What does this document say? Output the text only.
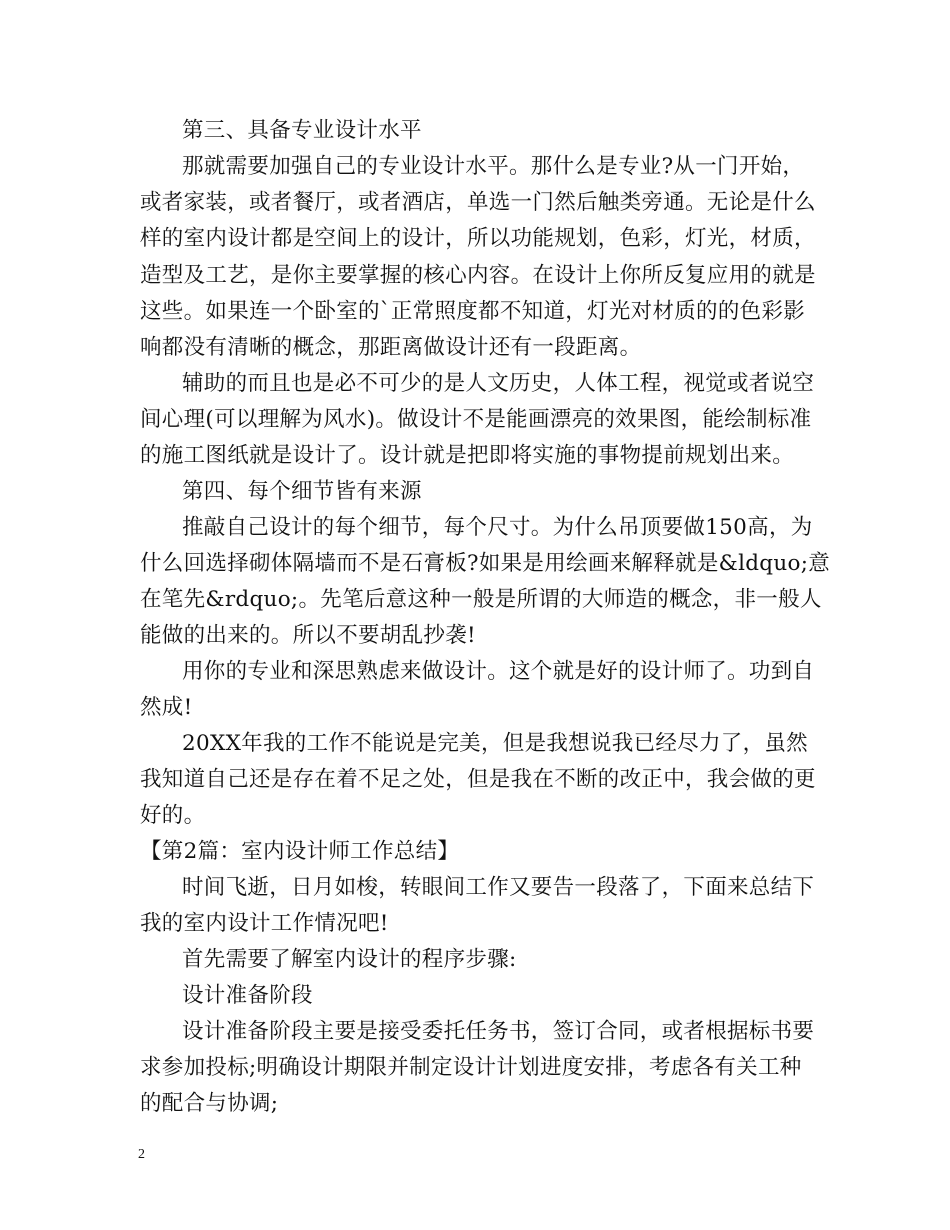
第三、具备专业设计水平
那就需要加强自己的专业设计水平。那什么是专业?从一门开始，
或者家装，或者餐厅，或者酒店，单选一门然后触类旁通。无论是什么
样的室内设计都是空间上的设计，所以功能规划，色彩，灯光，材质，
造型及工艺，是你主要掌握的核心内容。在设计上你所反复应用的就是
这些。如果连一个卧室的`正常照度都不知道，灯光对材质的的色彩影
响都没有清晰的概念，那距离做设计还有一段距离。
辅助的而且也是必不可少的是人文历史，人体工程，视觉或者说空
间心理(可以理解为风水)。做设计不是能画漂亮的效果图，能绘制标准
的施工图纸就是设计了。设计就是把即将实施的事物提前规划出来。
第四、每个细节皆有来源
推敲自己设计的每个细节，每个尺寸。为什么吊顶要做150高，为
什么回选择砌体隔墙而不是石膏板?如果是用绘画来解释就是&ldquo;意
在笔先&rdquo;。先笔后意这种一般是所谓的大师造的概念，非一般人
能做的出来的。所以不要胡乱抄袭!
用你的专业和深思熟虑来做设计。这个就是好的设计师了。功到自
然成!
20XX年我的工作不能说是完美，但是我想说我已经尽力了，虽然
我知道自己还是存在着不足之处，但是我在不断的改正中，我会做的更
好的。
【第2篇：室内设计师工作总结】
时间飞逝，日月如梭，转眼间工作又要告一段落了，下面来总结下
我的室内设计工作情况吧!
首先需要了解室内设计的程序步骤:
设计准备阶段
设计准备阶段主要是接受委托任务书，签订合同，或者根据标书要
求参加投标;明确设计期限并制定设计计划进度安排，考虑各有关工种
的配合与协调;
2
